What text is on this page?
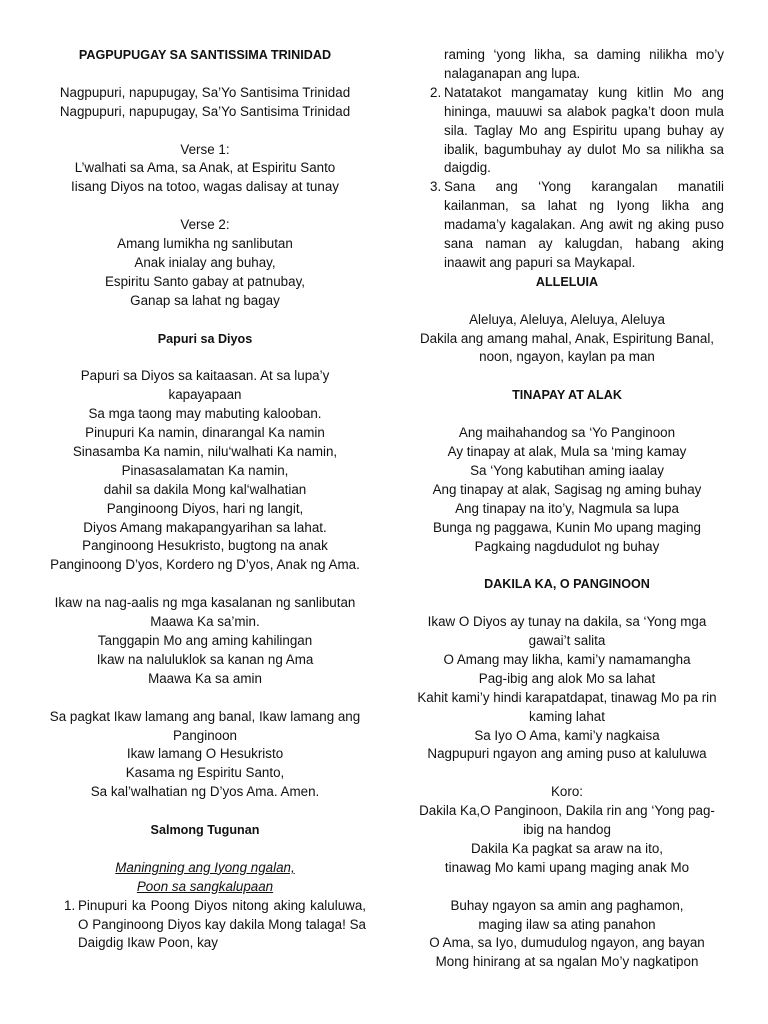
PAGPUPUGAY SA SANTISSIMA TRINIDAD
Nagpupuri, napupugay, Sa’Yo Santisima Trinidad
Nagpupuri, napupugay, Sa’Yo Santisima Trinidad
Verse 1:
L’walhati sa Ama, sa Anak, at Espiritu Santo
Iisang Diyos na totoo, wagas dalisay at tunay
Verse 2:
Amang lumikha ng sanlibutan
Anak inialay ang buhay,
Espiritu Santo gabay at patnubay,
Ganap sa lahat ng bagay
Papuri sa Diyos
Papuri sa Diyos sa kaitaasan. At sa lupa’y kapayapaan
Sa mga taong may mabuting kalooban.
Pinupuri Ka namin, dinarangal Ka namin
Sinasamba Ka namin, nilu‘walhati Ka namin,
Pinasasalamatan Ka namin,
dahil sa dakila Mong kal‘walhatian
Panginoong Diyos, hari ng langit,
Diyos Amang makapangyarihan sa lahat.
Panginoong Hesukristo, bugtong na anak
Panginoong D’yos, Kordero ng D’yos, Anak ng Ama.
Ikaw na nag-aalis ng mga kasalanan ng sanlibutan
Maawa Ka sa’min.
Tanggapin Mo ang aming kahilingan
Ikaw na naluluklok sa kanan ng Ama
Maawa Ka sa amin
Sa pagkat Ikaw lamang ang banal, Ikaw lamang ang Panginoon
Ikaw lamang O Hesukristo
Kasama ng Espiritu Santo,
Sa kal’walhatian ng D’yos Ama. Amen.
Salmong Tugunan
Maningning ang Iyong ngalan,
Poon sa sangkalupaan
1. Pinupuri ka Poong Diyos nitong aking kaluluwa, O Panginoong Diyos kay dakila Mong talaga! Sa Daigdig Ikaw Poon, kay
raming ‘yong likha, sa daming nilikha mo’y nalaganapan ang lupa.
2. Natatakot mangamatay kung kitlin Mo ang hininga, mauuwi sa alabok pagka’t doon mula sila. Taglay Mo ang Espiritu upang buhay ay ibalik, bagumbuhay ay dulot Mo sa nilikha sa daigdig.
3. Sana ang ‘Yong karangalan manatili kailanman, sa lahat ng Iyong likha ang madama’y kagalakan. Ang awit ng aking puso sana naman ay kalugdan, habang aking inaawit ang papuri sa Maykapal.
ALLELUIA
Aleluya, Aleluya, Aleluya, Aleluya
Dakila ang amang mahal, Anak, Espiritung Banal,
noon, ngayon, kaylan pa man
TINAPAY AT ALAK
Ang maihahandog sa ‘Yo Panginoon
Ay tinapay at alak, Mula sa ‘ming kamay
Sa ‘Yong kabutihan aming iaalay
Ang tinapay at alak, Sagisag ng aming buhay
Ang tinapay na ito’y, Nagmula sa lupa
Bunga ng paggawa, Kunin Mo upang maging
Pagkaing nagdudulot ng buhay
DAKILA KA, O PANGINOON
Ikaw O Diyos ay tunay na dakila, sa ‘Yong mga gawai’t salita
O Amang may likha, kami’y namamangha
Pag-ibig ang alok Mo sa lahat
Kahit kami’y hindi karapatdapat, tinawag Mo pa rin kaming lahat
Sa Iyo O Ama, kami’y nagkaisa
Nagpupuri ngayon ang aming puso at kaluluwa
Koro:
Dakila Ka,O Panginoon, Dakila rin ang ‘Yong pag-ibig na handog
Dakila Ka pagkat sa araw na ito,
tinawag Mo kami upang maging anak Mo
Buhay ngayon sa amin ang paghamon,
maging ilaw sa ating panahon
O Ama, sa Iyo, dumudulog ngayon, ang bayan
Mong hinirang at sa ngalan Mo’y nagkatipon
